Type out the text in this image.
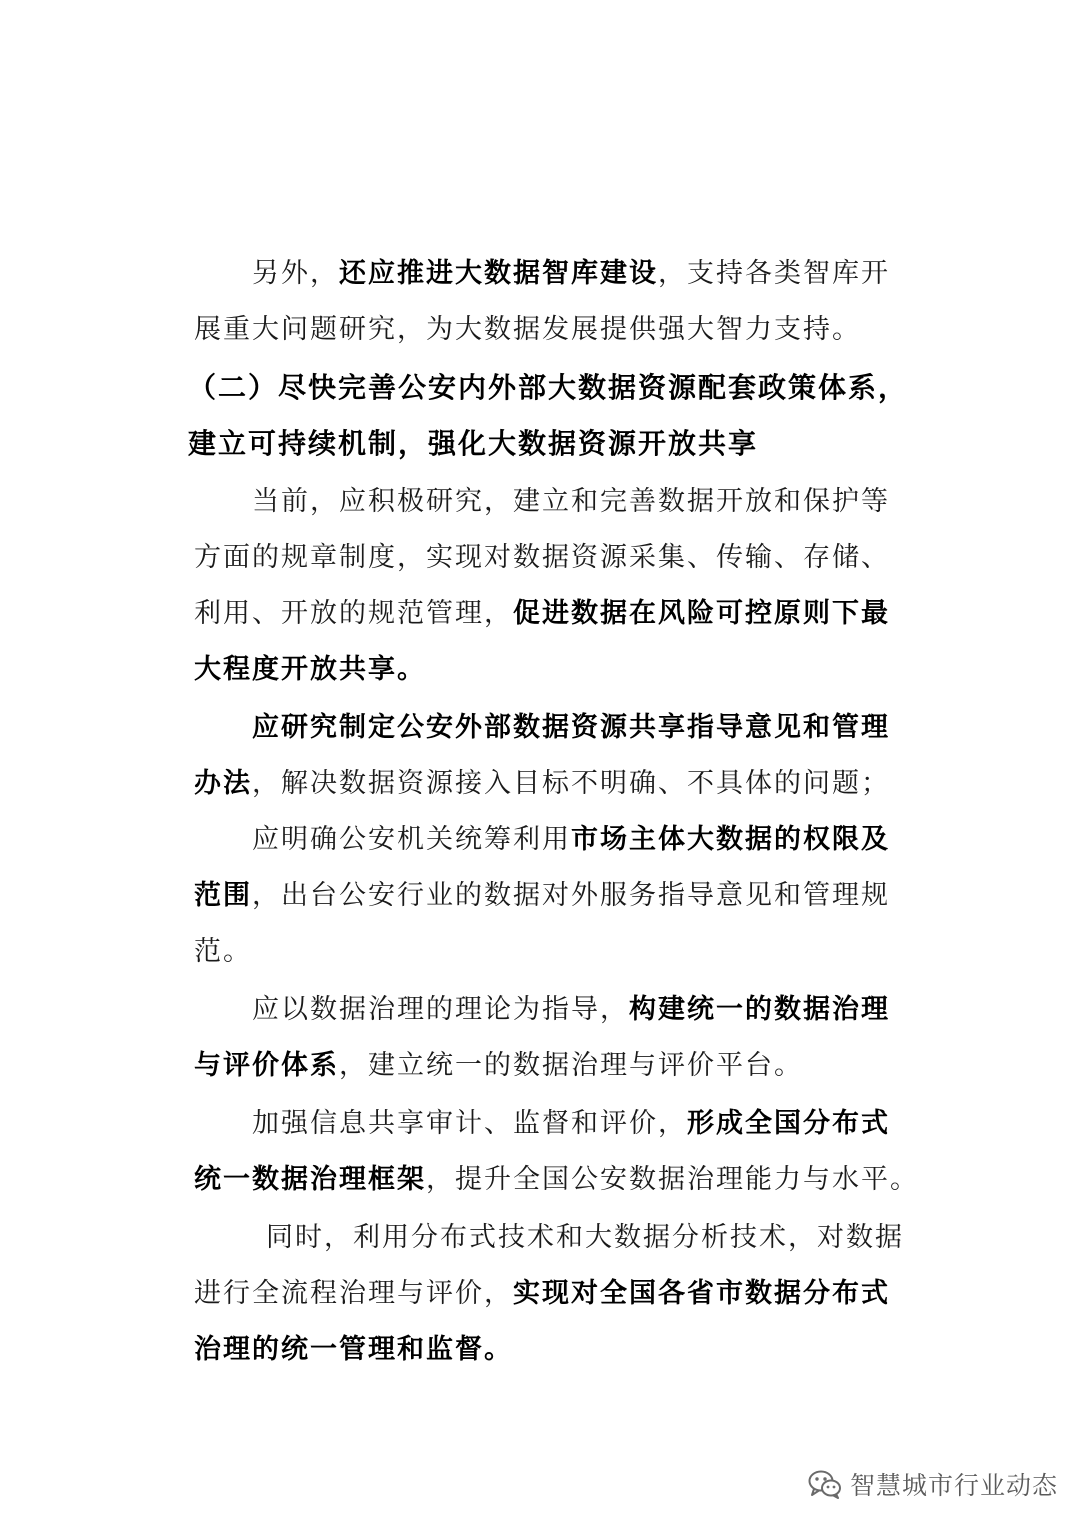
另外，还应推进大数据智库建设，支持各类智库开
展重大问题研究，为大数据发展提供强大智力支持。
（二）尽快完善公安内外部大数据资源配套政策体系，
建立可持续机制，强化大数据资源开放共享
当前，应积极研究，建立和完善数据开放和保护等
方面的规章制度，实现对数据资源采集、传输、存储、
利用、开放的规范管理，促进数据在风险可控原则下最
大程度开放共享。
应研究制定公安外部数据资源共享指导意见和管理
办法，解决数据资源接入目标不明确、不具体的问题；
应明确公安机关统筹利用市场主体大数据的权限及
范围，出台公安行业的数据对外服务指导意见和管理规
范。
应以数据治理的理论为指导，构建统一的数据治理
与评价体系，建立统一的数据治理与评价平台。
加强信息共享审计、监督和评价，形成全国分布式
统一数据治理框架，提升全国公安数据治理能力与水平。
同时，利用分布式技术和大数据分析技术，对数据
进行全流程治理与评价，实现对全国各省市数据分布式
治理的统一管理和监督。
智慧城市行业动态
